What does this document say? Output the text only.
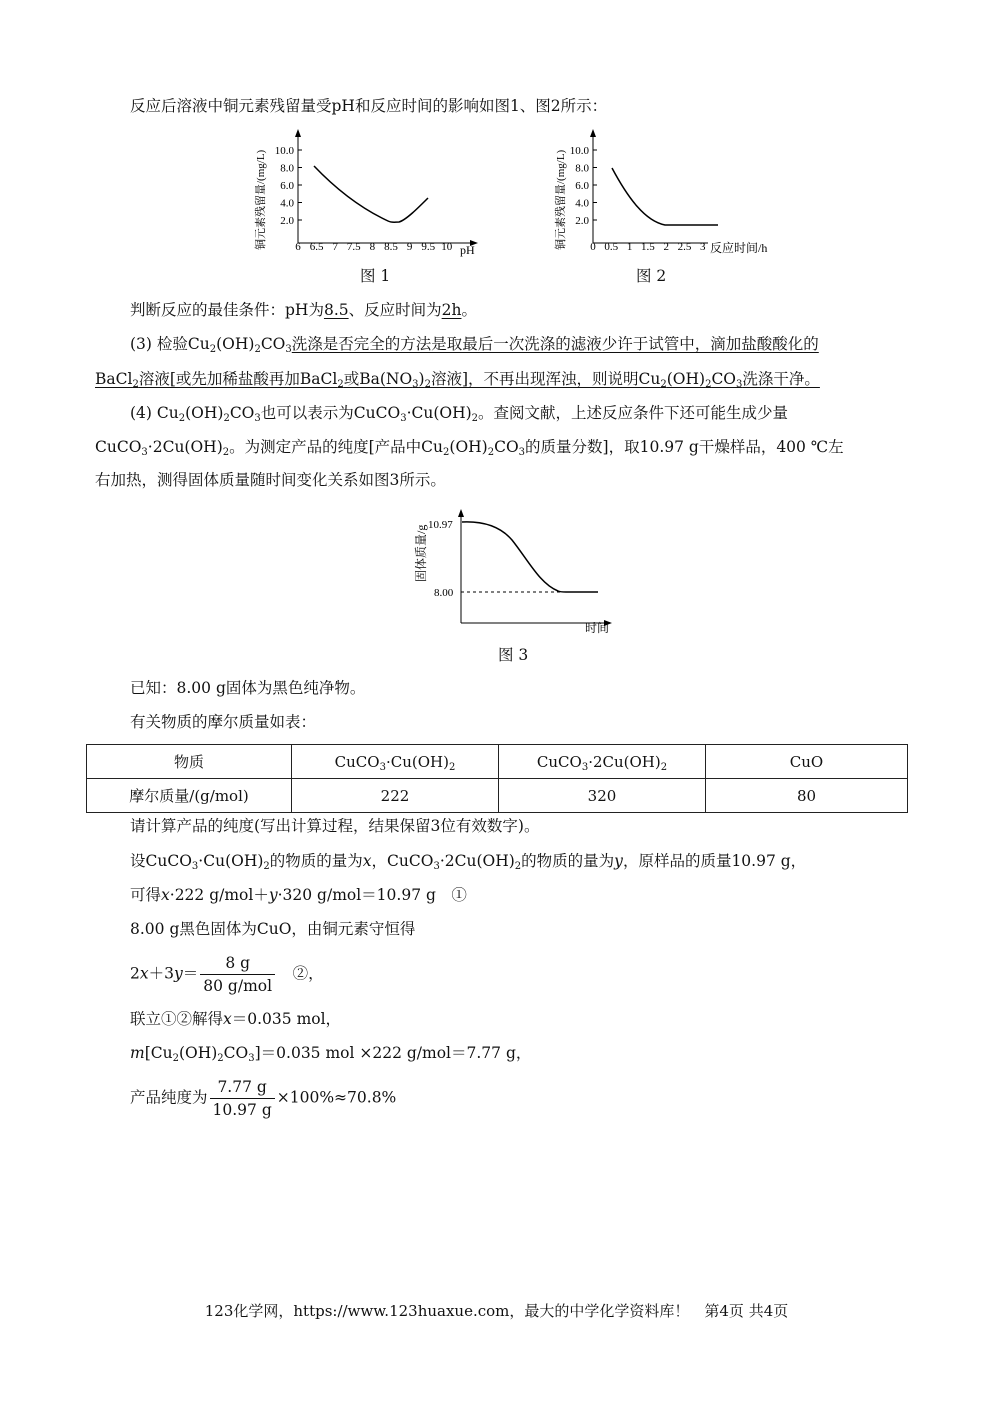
反应后溶液中铜元素残留量受pH和反应时间的影响如图1、图2所示：
铜元素残留量/(mg/L) 10.0
8.0
6.0
4.0
2.0
6 6.5 7 7.5 8 8.5 9 9.5 10 pH
图 1
铜元素残留量/(mg/L) 10.0
8.0
6.0
4.0
2.0
0 0.5 1 1.5 2 2.5 3 反应时间/h
图 2
判断反应的最佳条件：pH为8.5、反应时间为2h。
(3) 检验$Cu_2(OH)_2CO_3$洗涤是否完全的方法是取最后一次洗涤的滤液少许于试管中，滴加盐酸酸化的
BaCl$_2$溶液[或先加稀盐酸再加BaCl$_2$或$Ba(NO_3)_2$溶液]，不再出现浑浊，则说明$Cu_2(OH)_2CO_3$洗涤干净。
(4) $Cu_2(OH)_2CO_3$也可以表示为$CuCO_3\cdot Cu(OH)_2$。查阅文献，上述反应条件下还可能生成少量
$CuCO_3\cdot 2Cu(OH)_2$。为测定产品的纯度[产品中$Cu_2(OH)_2CO_3$的质量分数]，取10.97 g干燥样品，400 ℃左
右加热，测得固体质量随时间变化关系如图3所示。
固体质量/g 10.97
8.00
时间
图 3
已知：8.00 g固体为黑色纯净物。
有关物质的摩尔质量如表：
物质	$CuCO_3\cdot Cu(OH)_2$	$CuCO_3\cdot 2Cu(OH)_2$	CuO
摩尔质量/(g/mol)	222	320	80
请计算产品的纯度(写出计算过程，结果保留3位有效数字)。
设$CuCO_3\cdot Cu(OH)_2$的物质的量为x，$CuCO_3\cdot 2Cu(OH)_2$的物质的量为y，原样品的质量10.97 g，
可得x·222 g/mol＋y·320 g/mol＝10.97 g　①
8.00 g黑色固体为CuO，由铜元素守恒得
$2x+3y= \frac{8 g}{\text{80 g/mol}}$ 　②，
联立①②解得x＝0.035 mol，
$m[Cu_2(OH)_2CO_3]=0.035$ mol ×222 g/mol＝7.77 g，
产品纯度为 $\frac{7.77 g}{10.97 g} \times 100\%\approx 70.8\%$
123化学网，https://www.123huaxue.com，最大的中学化学资料库！　第4页 共4页
